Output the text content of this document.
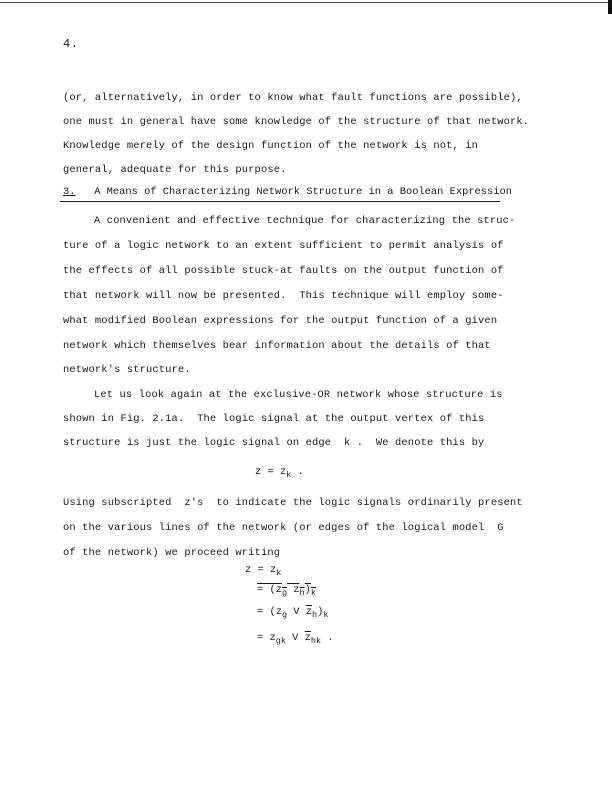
4.
(or, alternatively, in order to know what fault functions are possible),
one must in general have some knowledge of the structure of that network.
Knowledge merely of the design function of the network is not, in
general, adequate for this purpose.
3. A Means of Characterizing Network Structure in a Boolean Expression
A convenient and effective technique for characterizing the struc-
ture of a logic network to an extent sufficient to permit analysis of
the effects of all possible stuck-at faults on the output function of
that network will now be presented.  This technique will employ some-
what modified Boolean expressions for the output function of a given
network which themselves bear information about the details of that
network's structure.
Let us look again at the exclusive-OR network whose structure is
shown in Fig. 2.1a.  The logic signal at the output vertex of this
structure is just the logic signal on edge  k .  We denote this by
$z = z_k$ .
Using subscripted  z's  to indicate the logic signals ordinarily present
on the various lines of the network (or edges of the logical model  G
of the network) we proceed writing
$z = z_k$
= ($z_g$ $z_h)_k$
= ($z_g$ V $\overline{z}_h)_k$
= $z_{gk}$ V $\overline{z}_{hk}$ .
